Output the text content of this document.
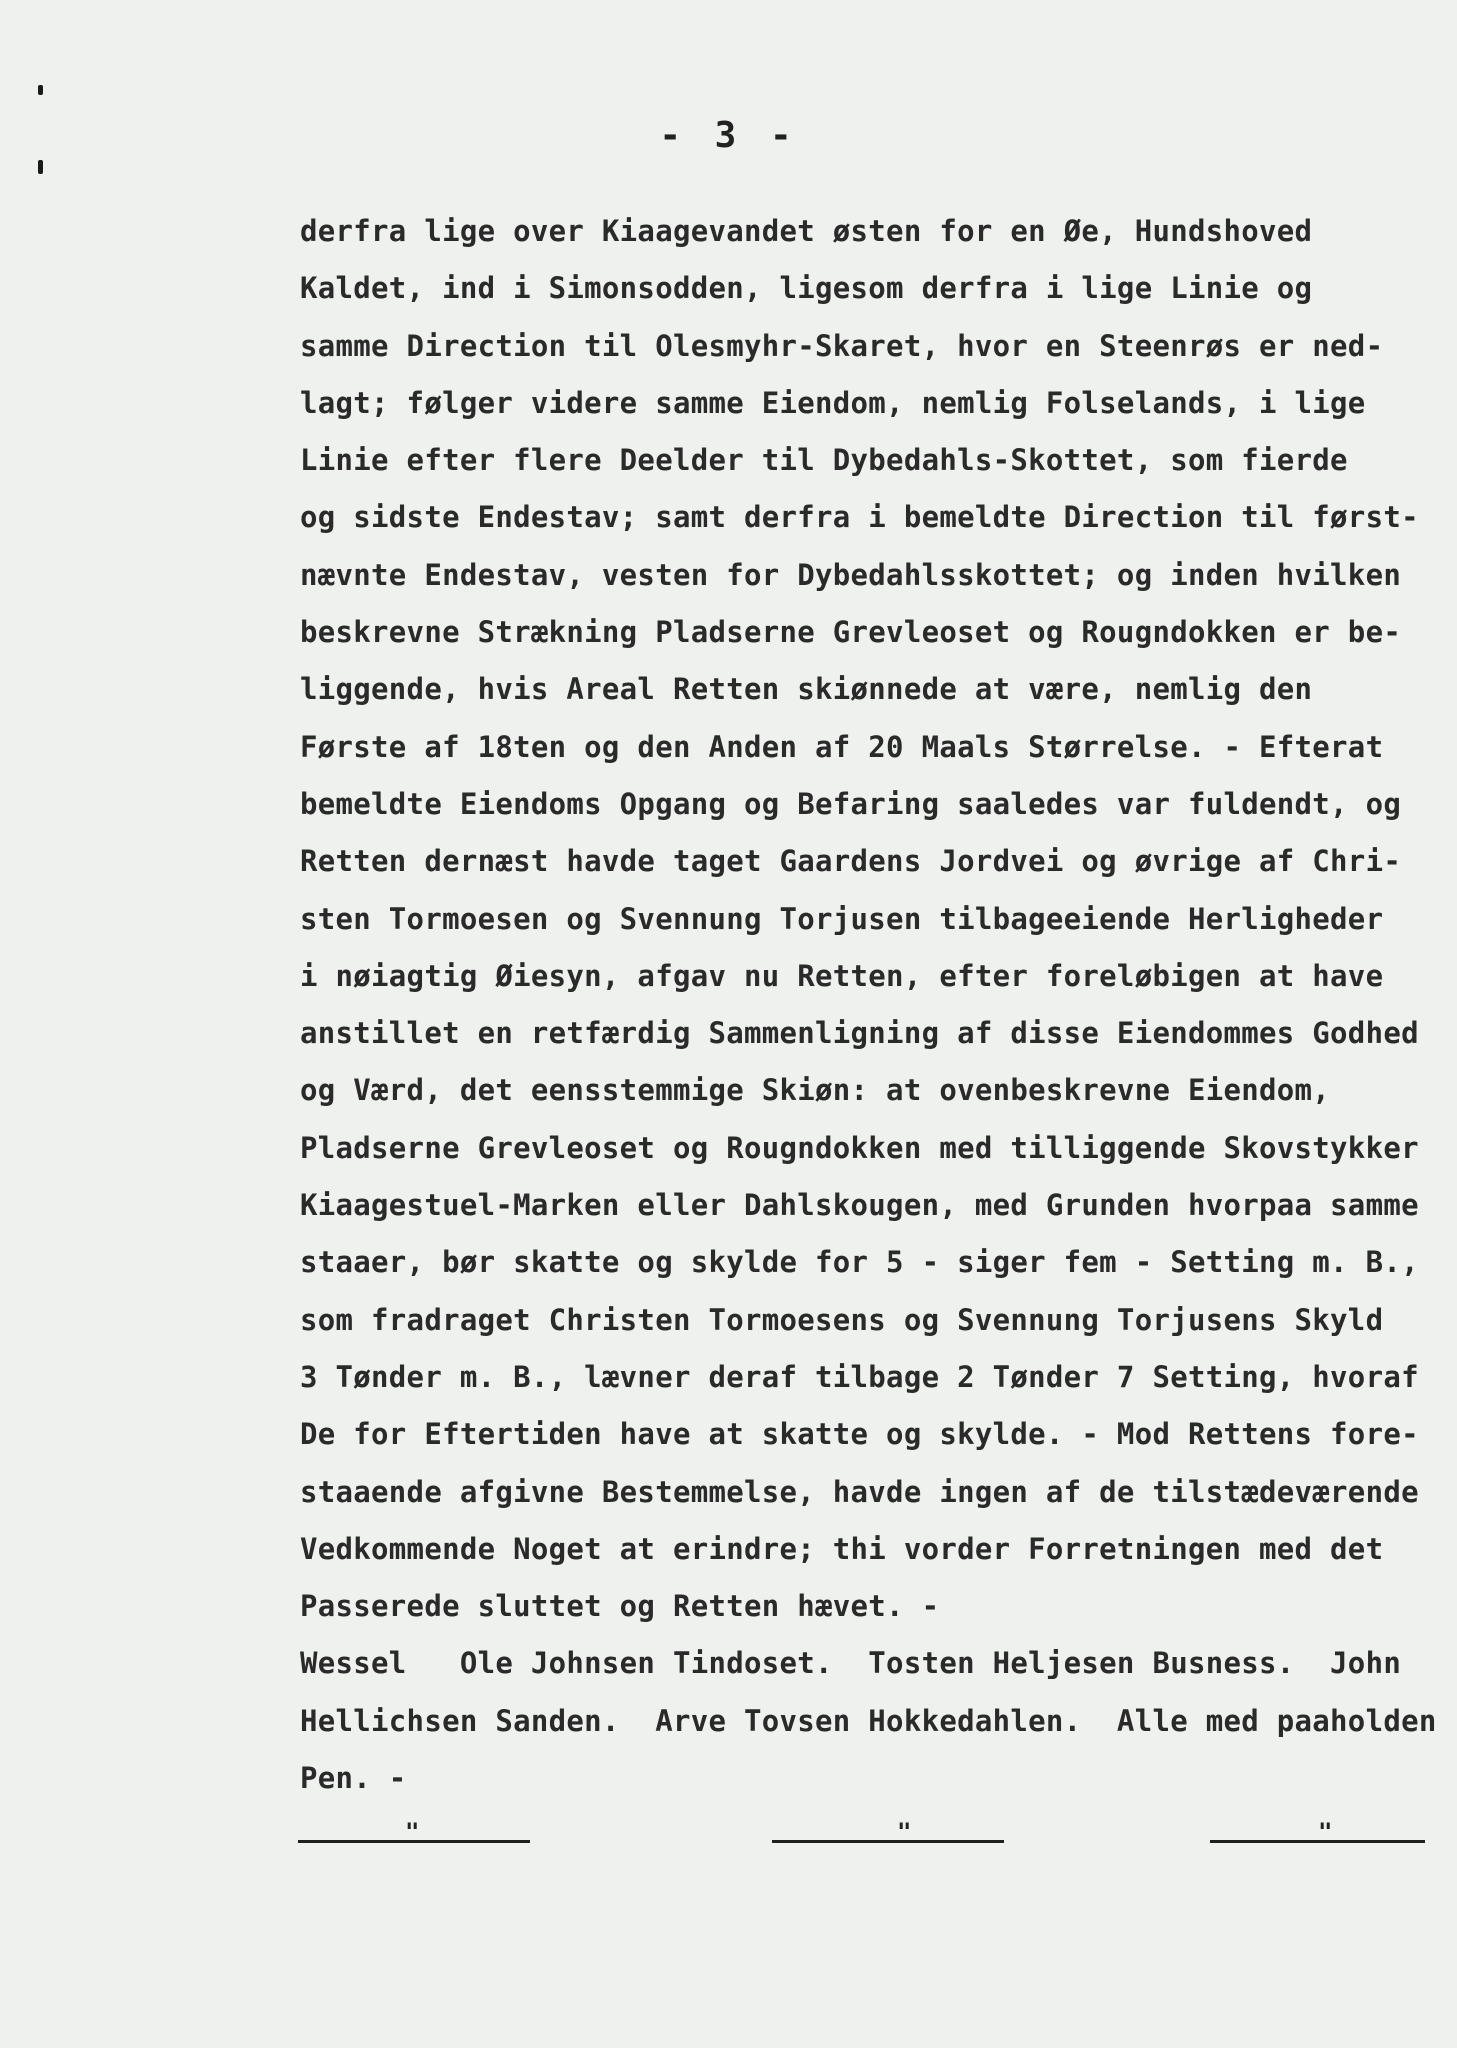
- 3 -
derfra lige over Kiaagevandet østen for en Øe, Hundshoved
Kaldet, ind i Simonsodden, ligesom derfra i lige Linie og
samme Direction til Olesmyhr-Skaret, hvor en Steenrøs er ned-
lagt; følger videre samme Eiendom, nemlig Folselands, i lige
Linie efter flere Deelder til Dybedahls-Skottet, som fierde
og sidste Endestav; samt derfra i bemeldte Direction til først-
nævnte Endestav, vesten for Dybedahlsskottet; og inden hvilken
beskrevne Strækning Pladserne Grevleoset og Rougndokken er be-
liggende, hvis Areal Retten skiønnede at være, nemlig den
Første af 18ten og den Anden af 20 Maals Størrelse. - Efterat
bemeldte Eiendoms Opgang og Befaring saaledes var fuldendt, og
Retten dernæst havde taget Gaardens Jordvei og øvrige af Chri-
sten Tormoesen og Svennung Torjusen tilbageeiende Herligheder
i nøiagtig Øiesyn, afgav nu Retten, efter foreløbigen at have
anstillet en retfærdig Sammenligning af disse Eiendommes Godhed
og Værd, det eensstemmige Skiøn: at ovenbeskrevne Eiendom,
Pladserne Grevleoset og Rougndokken med tilliggende Skovstykker
Kiaagestuel-Marken eller Dahlskougen, med Grunden hvorpaa samme
staaer, bør skatte og skylde for 5 - siger fem - Setting m. B.,
som fradraget Christen Tormoesens og Svennung Torjusens Skyld
3 Tønder m. B., lævner deraf tilbage 2 Tønder 7 Setting, hvoraf
De for Eftertiden have at skatte og skylde. - Mod Rettens fore-
staaende afgivne Bestemmelse, havde ingen af de tilstædeværende
Vedkommende Noget at erindre; thi vorder Forretningen med det
Passerede sluttet og Retten hævet. -
Wessel   Ole Johnsen Tindoset.  Tosten Heljesen Busness.  John
Hellichsen Sanden.  Arve Tovsen Hokkedahlen.  Alle med paaholden
Pen. -
"	"	"
